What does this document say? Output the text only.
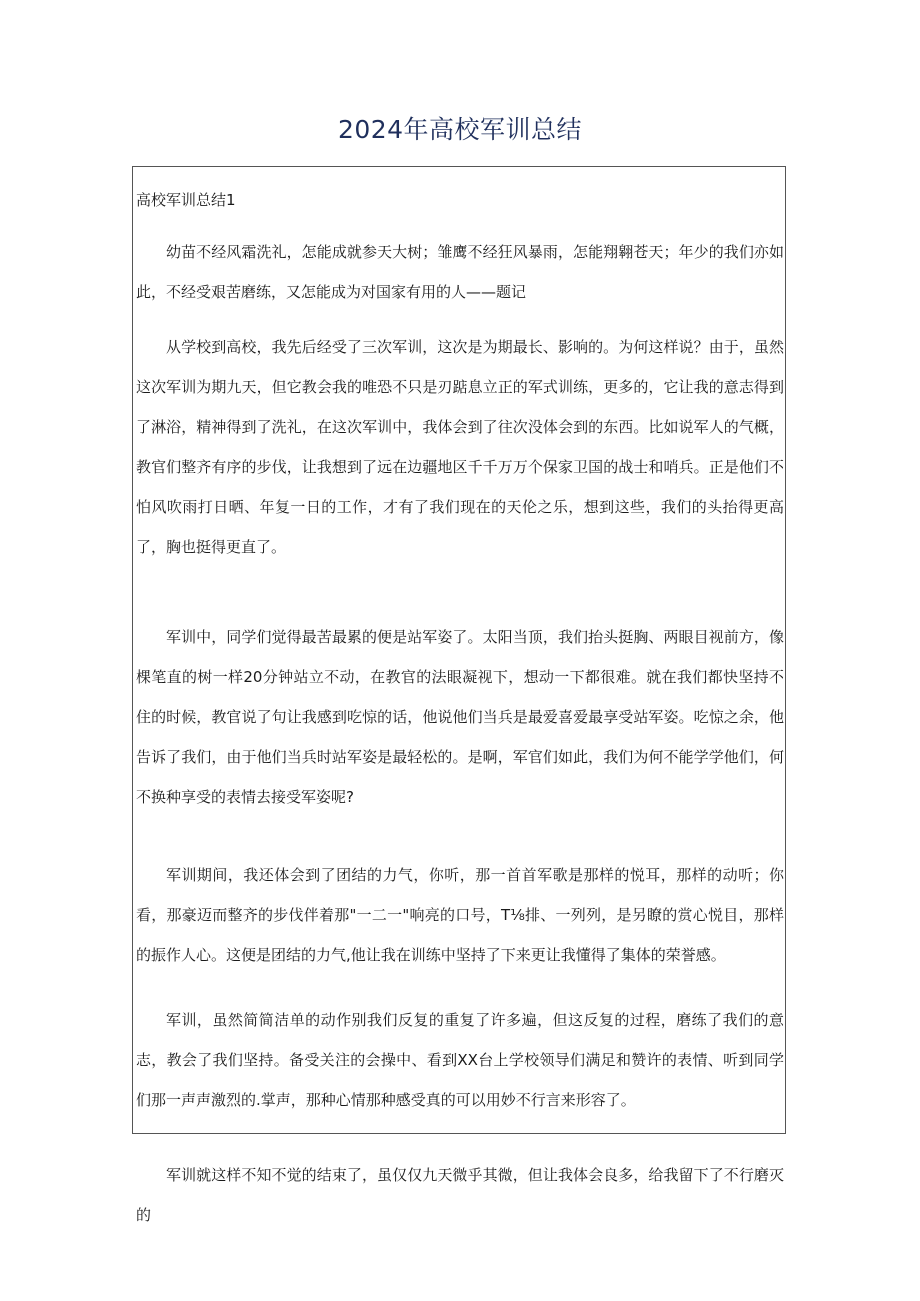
2024年高校军训总结
高校军训总结1

幼苗不经风霜洗礼，怎能成就参天大树；雏鹰不经狂风暴雨，怎能翔翱苍天；年少的我们亦如此，不经受艰苦磨练，又怎能成为对国家有用的人——题记

从学校到高校，我先后经受了三次军训，这次是为期最长、影响的。为何这样说？由于，虽然这次军训为期九天，但它教会我的唯恐不只是刃踮息立正的军式训练，更多的，它让我的意志得到了淋浴，精神得到了洗礼，在这次军训中，我体会到了往次没体会到的东西。比如说军人的气概，教官们整齐有序的步伐，让我想到了远在边疆地区千千万万个保家卫国的战士和哨兵。正是他们不怕风吹雨打日晒、年复一日的工作，才有了我们现在的天伦之乐，想到这些，我们的头抬得更高了，胸也挺得更直了。

军训中，同学们觉得最苦最累的便是站军姿了。太阳当顶，我们抬头挺胸、两眼目视前方，像棵笔直的树一样20分钟站立不动，在教官的法眼凝视下，想动一下都很难。就在我们都快坚持不住的时候，教官说了句让我感到吃惊的话，他说他们当兵是最爱喜爱最享受站军姿。吃惊之余，他告诉了我们，由于他们当兵时站军姿是最轻松的。是啊，军官们如此，我们为何不能学学他们，何不换种享受的表情去接受军姿呢?

军训期间，我还体会到了团结的力气，你听，那一首首军歌是那样的悦耳，那样的动听；你看，那豪迈而整齐的步伐伴着那"一二一"响亮的口号，T⅛排、一列列，是另瞭的赏心悦目，那样的振作人心。这便是团结的力气,他让我在训练中坚持了下来更让我懂得了集体的荣誉感。

军训，虽然简简洁单的动作别我们反复的重复了许多遍，但这反复的过程，磨练了我们的意志，教会了我们坚持。备受关注的会操中、看到XX台上学校领导们满足和赞许的表情、听到同学们那一声声激烈的.掌声，那种心情那种感受真的可以用妙不行言来形容了。

军训就这样不知不觉的结束了，虽仅仅九天微乎其微，但让我体会良多，给我留下了不行磨灭的
